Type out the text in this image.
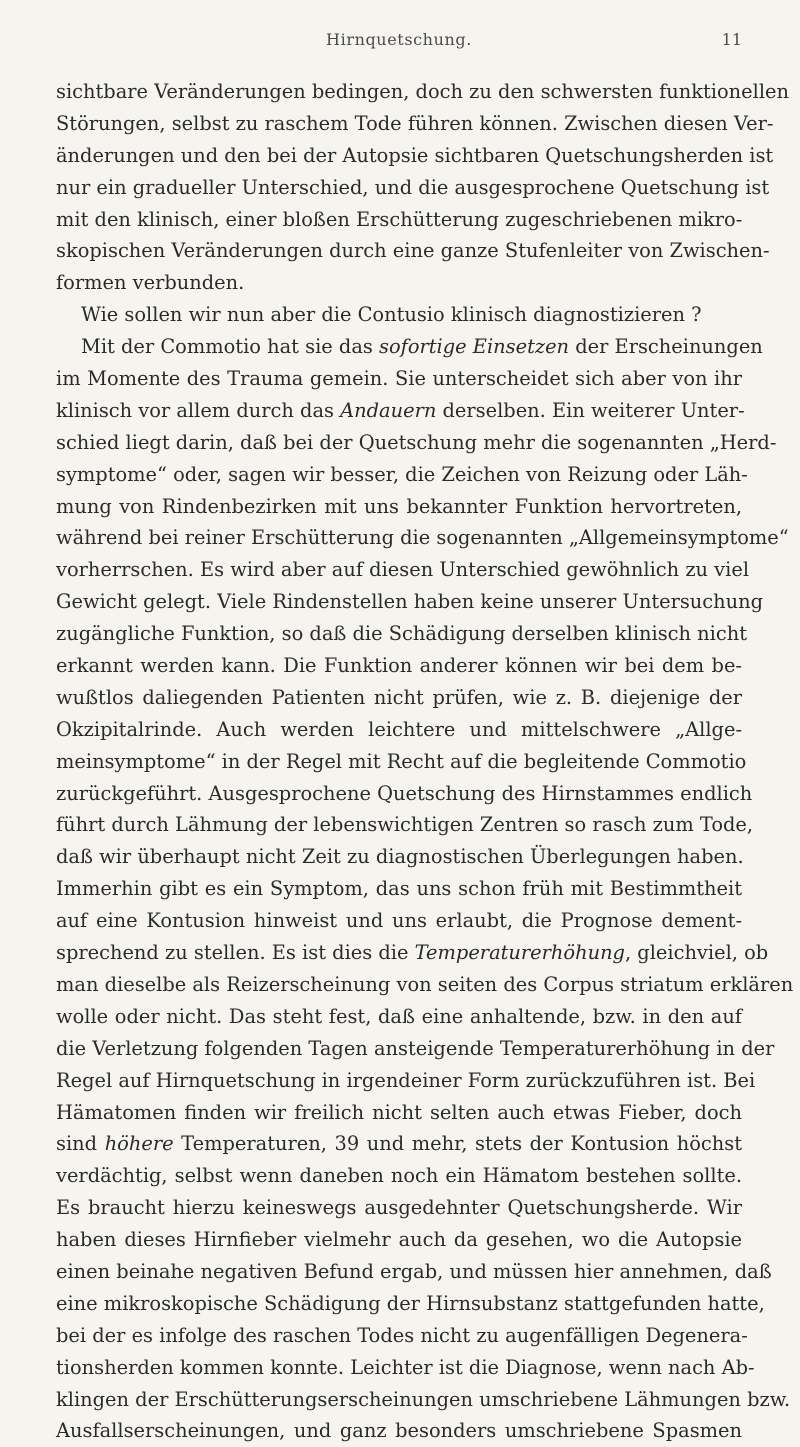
Hirnquetschung.	11
sichtbare Veränderungen bedingen, doch zu den schwersten funktionellen
Störungen, selbst zu raschem Tode führen können. Zwischen diesen Ver-
änderungen und den bei der Autopsie sichtbaren Quetschungsherden ist
nur ein gradueller Unterschied, und die ausgesprochene Quetschung ist
mit den klinisch, einer bloßen Erschütterung zugeschriebenen mikro-
skopischen Veränderungen durch eine ganze Stufenleiter von Zwischen-
formen verbunden.
Wie sollen wir nun aber die Contusio klinisch diagnostizieren ?
Mit der Commotio hat sie das sofortige Einsetzen der Erscheinungen
im Momente des Trauma gemein. Sie unterscheidet sich aber von ihr
klinisch vor allem durch das Andauern derselben. Ein weiterer Unter-
schied liegt darin, daß bei der Quetschung mehr die sogenannten „Herd-
symptome“ oder, sagen wir besser, die Zeichen von Reizung oder Läh-
mung von Rindenbezirken mit uns bekannter Funktion hervortreten,
während bei reiner Erschütterung die sogenannten „Allgemeinsymptome“
vorherrschen. Es wird aber auf diesen Unterschied gewöhnlich zu viel
Gewicht gelegt. Viele Rindenstellen haben keine unserer Untersuchung
zugängliche Funktion, so daß die Schädigung derselben klinisch nicht
erkannt werden kann. Die Funktion anderer können wir bei dem be-
wußtlos daliegenden Patienten nicht prüfen, wie z. B. diejenige der
Okzipitalrinde. Auch werden leichtere und mittelschwere „Allge-
meinsymptome“ in der Regel mit Recht auf die begleitende Commotio
zurückgeführt. Ausgesprochene Quetschung des Hirnstammes endlich
führt durch Lähmung der lebenswichtigen Zentren so rasch zum Tode,
daß wir überhaupt nicht Zeit zu diagnostischen Überlegungen haben.
Immerhin gibt es ein Symptom, das uns schon früh mit Bestimmtheit
auf eine Kontusion hinweist und uns erlaubt, die Prognose dement-
sprechend zu stellen. Es ist dies die Temperaturerhöhung, gleichviel, ob
man dieselbe als Reizerscheinung von seiten des Corpus striatum erklären
wolle oder nicht. Das steht fest, daß eine anhaltende, bzw. in den auf
die Verletzung folgenden Tagen ansteigende Temperaturerhöhung in der
Regel auf Hirnquetschung in irgendeiner Form zurückzuführen ist. Bei
Hämatomen finden wir freilich nicht selten auch etwas Fieber, doch
sind höhere Temperaturen, 39 und mehr, stets der Kontusion höchst
verdächtig, selbst wenn daneben noch ein Hämatom bestehen sollte.
Es braucht hierzu keineswegs ausgedehnter Quetschungsherde. Wir
haben dieses Hirnfieber vielmehr auch da gesehen, wo die Autopsie
einen beinahe negativen Befund ergab, und müssen hier annehmen, daß
eine mikroskopische Schädigung der Hirnsubstanz stattgefunden hatte,
bei der es infolge des raschen Todes nicht zu augenfälligen Degenera-
tionsherden kommen konnte. Leichter ist die Diagnose, wenn nach Ab-
klingen der Erschütterungserscheinungen umschriebene Lähmungen bzw.
Ausfallserscheinungen, und ganz besonders umschriebene Spasmen
